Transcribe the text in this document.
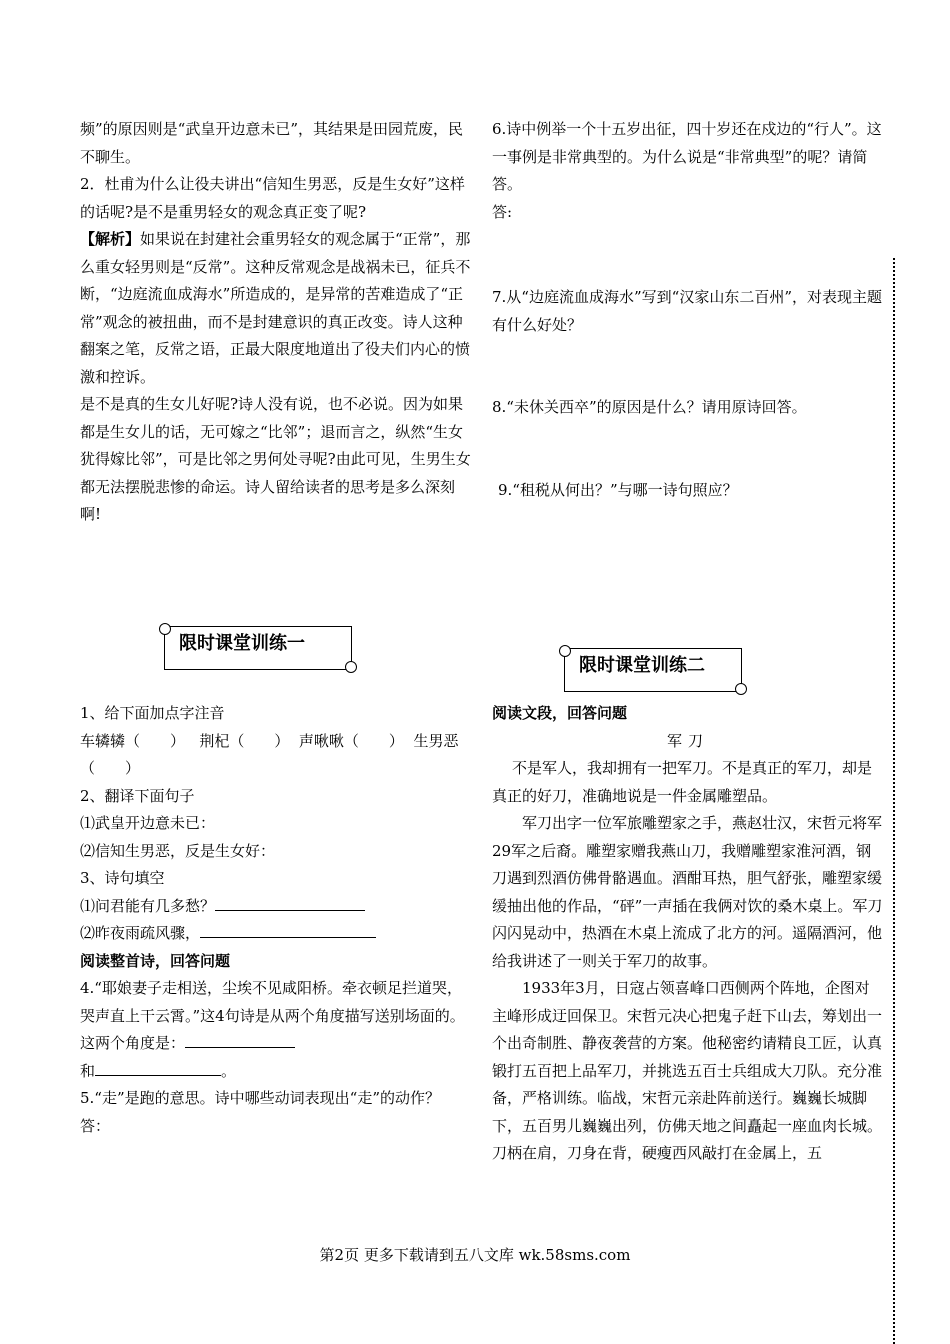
频”的原因则是“武皇开边意未已”，其结果是田园荒废，民不聊生。

2．杜甫为什么让役夫讲出“信知生男恶，反是生女好”这样的话呢?是不是重男轻女的观念真正变了呢?

【解析】如果说在封建社会重男轻女的观念属于“正常”，那么重女轻男则是“反常”。这种反常观念是战祸未已，征兵不断，“边庭流血成海水”所造成的，是异常的苦难造成了“正常”观念的被扭曲，而不是封建意识的真正改变。诗人这种翻案之笔，反常之语，正最大限度地道出了役夫们内心的愤激和控诉。

是不是真的生女儿好呢?诗人没有说，也不必说。因为如果都是生女儿的话，无可嫁之“比邻”；退而言之，纵然“生女犹得嫁比邻”，可是比邻之男何处寻呢?由此可见，生男生女都无法摆脱悲惨的命运。诗人留给读者的思考是多么深刻啊!

限时课堂训练一

1、给下面加点字注音

车辚辚（　　） 荆杞（　　） 声啾啾（　　） 生男恶（　　）

2、翻译下面句子

⑴武皇开边意未已：

⑵信知生男恶，反是生女好：

3、诗句填空

⑴问君能有几多愁？

⑵昨夜雨疏风骤，

阅读整首诗，回答问题

4.“耶娘妻子走相送，尘埃不见咸阳桥。牵衣顿足拦道哭，哭声直上干云霄。”这4句诗是从两个角度描写送别场面的。这两个角度是：
和	。

5.“走”是跑的意思。诗中哪些动词表现出“走”的动作？

答：

6.诗中例举一个十五岁出征，四十岁还在戍边的“行人”。这一事例是非常典型的。为什么说是“非常典型”的呢？请简答。

答:

7.从“边庭流血成海水”写到“汉家山东二百州”，对表现主题有什么好处？

8.“未休关西卒”的原因是什么？请用原诗回答。

9.“租税从何出？”与哪一诗句照应？

限时课堂训练二

阅读文段，回答问题

军刀

不是军人，我却拥有一把军刀。不是真正的军刀，却是真正的好刀，准确地说是一件金属雕塑品。

军刀出字一位军旅雕塑家之手，燕赵壮汉，宋哲元将军29军之后裔。雕塑家赠我燕山刀，我赠雕塑家淮河酒，钢刀遇到烈酒仿佛骨骼遇血。酒酣耳热，胆气舒张，雕塑家缓缓抽出他的作品，“砰”一声插在我俩对饮的桑木桌上。军刀闪闪晃动中，热酒在木桌上流成了北方的河。遥隔酒河，他给我讲述了一则关于军刀的故事。

1933年3月，日寇占领喜峰口西侧两个阵地，企图对主峰形成迂回保卫。宋哲元决心把鬼子赶下山去，筹划出一个出奇制胜、静夜袭营的方案。他秘密约请精良工匠，认真锻打五百把上品军刀，并挑选五百士兵组成大刀队。充分准备，严格训练。临战，宋哲元亲赴阵前送行。巍巍长城脚下，五百男儿巍巍出列，仿佛天地之间矗起一座血肉长城。刀柄在肩，刀身在背，硬瘦西风敲打在金属上，五

第2页 更多下载请到五八文库 wk.58sms.com
